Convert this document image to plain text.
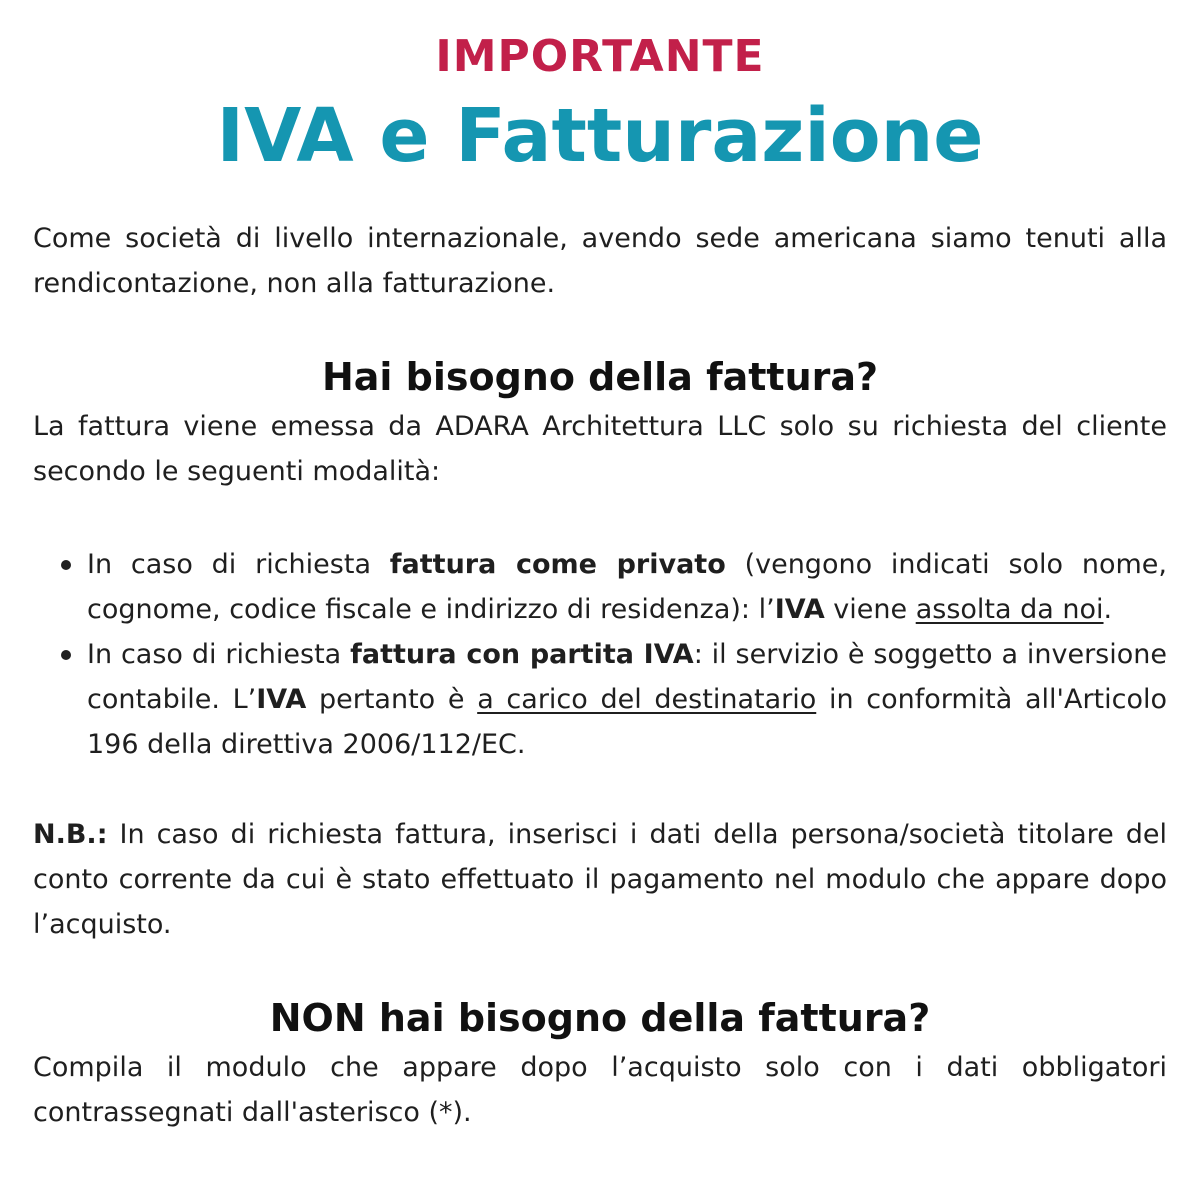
IMPORTANTE
IVA e Fatturazione

Come società di livello internazionale, avendo sede americana siamo tenuti alla rendicontazione, non alla fatturazione.

Hai bisogno della fattura?

La fattura viene emessa da ADARA Architettura LLC solo su richiesta del cliente secondo le seguenti modalità:

In caso di richiesta fattura come privato (vengono indicati solo nome, cognome, codice fiscale e indirizzo di residenza): l’IVA viene assolta da noi.
In caso di richiesta fattura con partita IVA: il servizio è soggetto a inversione contabile. L’IVA pertanto è a carico del destinatario in conformità all'Articolo 196 della direttiva 2006/112/EC.

N.B.: In caso di richiesta fattura, inserisci i dati della persona/società titolare del conto corrente da cui è stato effettuato il pagamento nel modulo che appare dopo l’acquisto.

NON hai bisogno della fattura?

Compila il modulo che appare dopo l’acquisto solo con i dati obbligatori contrassegnati dall'asterisco (*).
